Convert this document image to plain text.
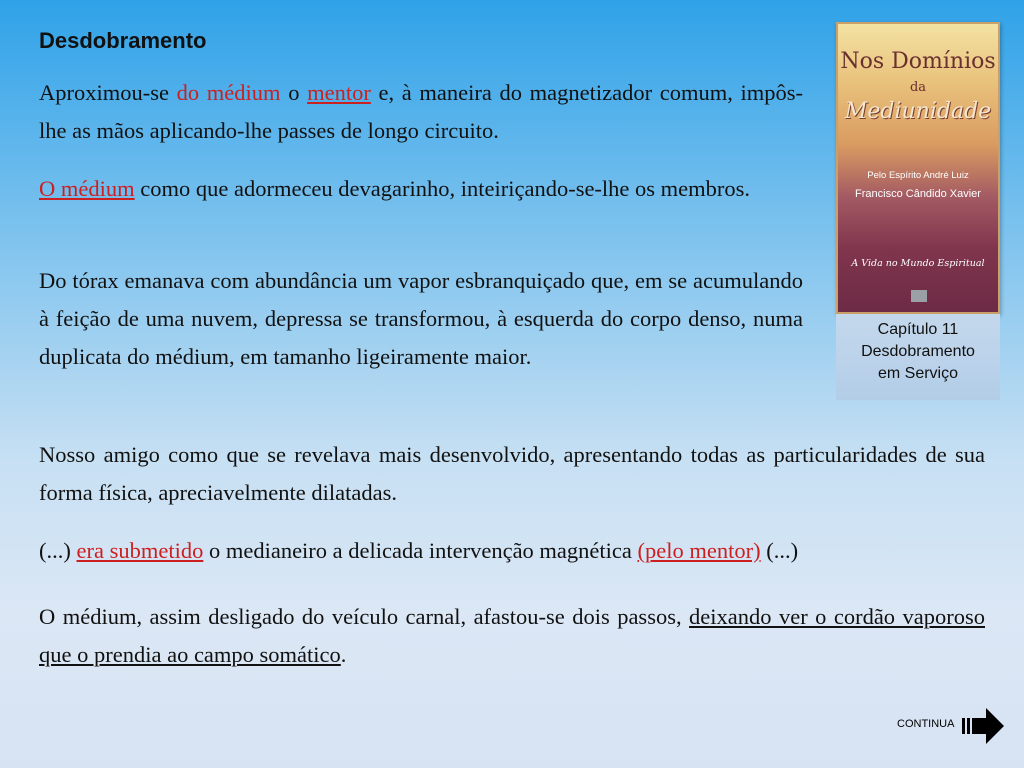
Desdobramento
Aproximou-se do médium o mentor e, à maneira do magnetizador comum, impôs-lhe as mãos aplicando-lhe passes de longo circuito.
O médium como que adormeceu devagarinho, inteiriçando-se-lhe os membros.
Do tórax emanava com abundância um vapor esbranquiçado que, em se acumulando à feição de uma nuvem, depressa se transformou, à esquerda do corpo denso, numa duplicata do médium, em tamanho ligeiramente maior.
Nosso amigo como que se revelava mais desenvolvido, apresentando todas as particularidades de sua forma física, apreciavelmente dilatadas.
(...) era submetido o medianeiro a delicada intervenção magnética (pelo mentor) (...)
O médium, assim desligado do veículo carnal, afastou-se dois passos, deixando ver o cordão vaporoso que o prendia ao campo somático.
Nos Domínios
da
Mediunidade
Pelo Espírito André Luiz
Francisco Cândido Xavier
A Vida no Mundo Espiritual
Capítulo 11
Desdobramento
em Serviço
CONTINUA
